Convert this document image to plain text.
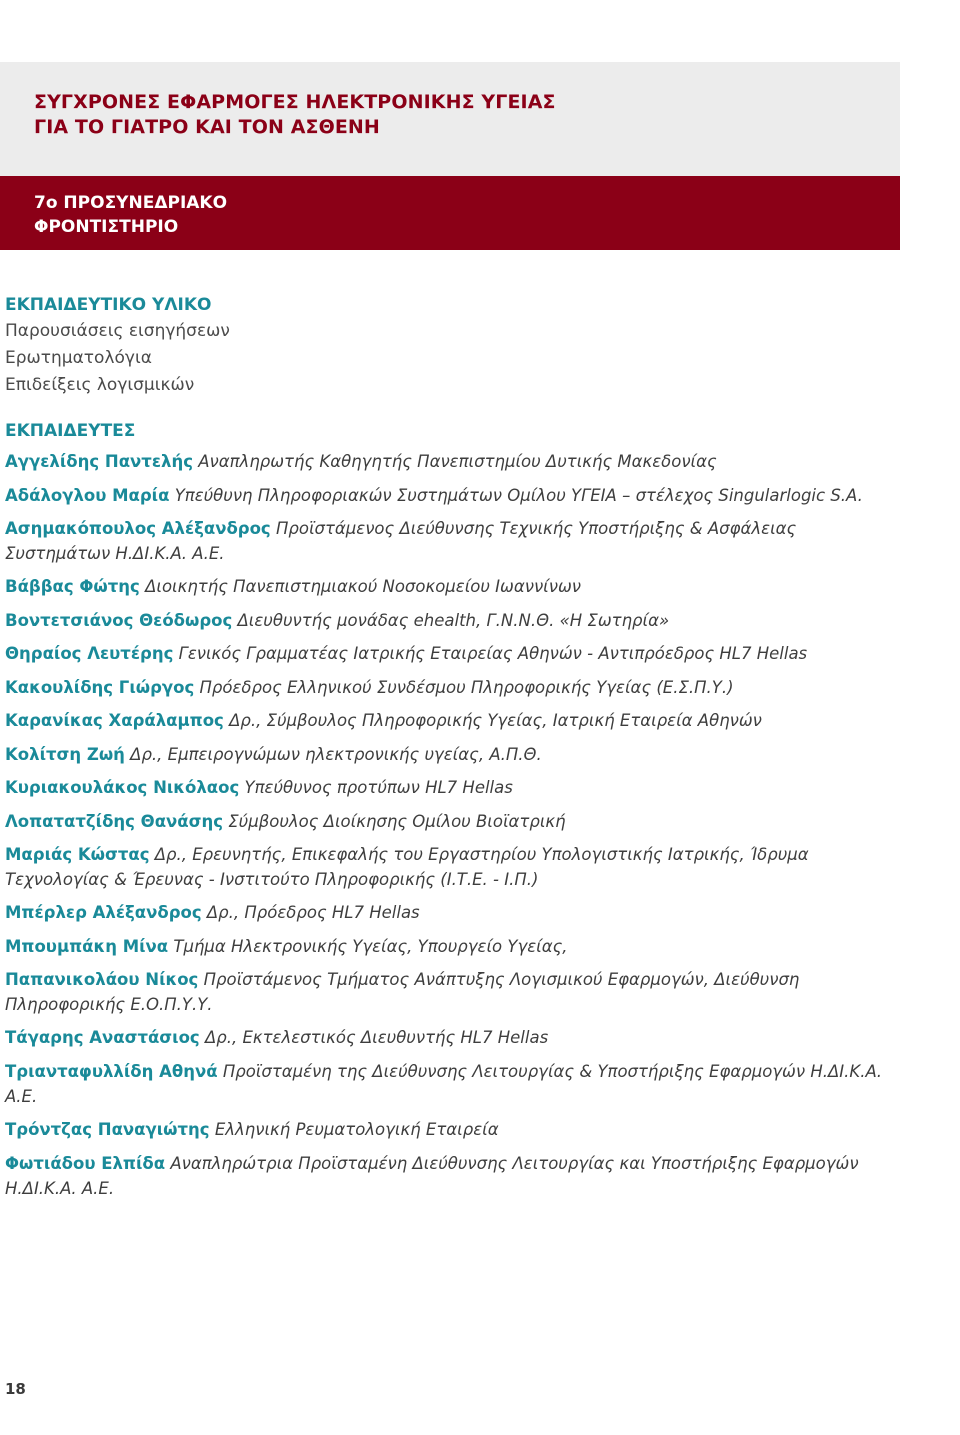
ΣΥΓΧΡΟΝΕΣ ΕΦΑΡΜΟΓΕΣ ΗΛΕΚΤΡΟΝΙΚΗΣ ΥΓΕΙΑΣ
ΓΙΑ ΤΟ ΓΙΑΤΡΟ ΚΑΙ ΤΟΝ ΑΣΘΕΝΗ
7ο ΠΡΟΣΥΝΕΔΡΙΑΚΟ
ΦΡΟΝΤΙΣΤΗΡΙΟ
ΕΚΠΑΙΔΕΥΤΙΚΟ ΥΛΙΚΟ
Παρουσιάσεις εισηγήσεων
Ερωτηματολόγια
Επιδείξεις λογισμικών
ΕΚΠΑΙΔΕΥΤΕΣ
Αγγελίδης Παντελής Αναπληρωτής Καθηγητής Πανεπιστημίου Δυτικής Μακεδονίας
Αδάλογλου Μαρία Υπεύθυνη Πληροφοριακών Συστημάτων Ομίλου ΥΓΕΙΑ – στέλεχος Singularlogic S.A.
Ασημακόπουλος Αλέξανδρος Προϊστάμενος Διεύθυνσης Τεχνικής Υποστήριξης & Ασφάλειας Συστημάτων Η.ΔΙ.Κ.Α. Α.Ε.
Βάββας Φώτης Διοικητής Πανεπιστημιακού Νοσοκομείου Ιωαννίνων
Βοντετσιάνος Θεόδωρος Διευθυντής μονάδας ehealth, Γ.Ν.Ν.Θ. «Η Σωτηρία»
Θηραίος Λευτέρης Γενικός Γραμματέας Ιατρικής Εταιρείας Αθηνών - Αντιπρόεδρος HL7 Hellas
Κακουλίδης Γιώργος Πρόεδρος Ελληνικού Συνδέσμου Πληροφορικής Υγείας (Ε.Σ.Π.Υ.)
Καρανίκας Χαράλαμπος Δρ., Σύμβουλος Πληροφορικής Υγείας, Ιατρική Εταιρεία Αθηνών
Κολίτση Ζωή Δρ., Εμπειρογνώμων ηλεκτρονικής υγείας, Α.Π.Θ.
Κυριακουλάκος Νικόλαος Υπεύθυνος προτύπων HL7 Hellas
Λοπατατζίδης Θανάσης Σύμβουλος Διοίκησης Ομίλου Βιοϊατρική
Μαριάς Κώστας Δρ., Ερευνητής, Επικεφαλής του Εργαστηρίου Υπολογιστικής Ιατρικής, Ίδρυμα Τεχνολογίας & Έρευνας - Ινστιτούτο Πληροφορικής (Ι.Τ.Ε. - Ι.Π.)
Μπέρλερ Αλέξανδρος Δρ., Πρόεδρος HL7 Hellas
Μπουμπάκη Μίνα Τμήμα Ηλεκτρονικής Υγείας, Υπουργείο Υγείας,
Παπανικολάου Νίκος Προϊστάμενος Τμήματος Ανάπτυξης Λογισμικού Εφαρμογών, Διεύθυνση Πληροφορικής Ε.Ο.Π.Υ.Υ.
Τάγαρης Αναστάσιος Δρ., Εκτελεστικός Διευθυντής HL7 Hellas
Τριανταφυλλίδη Αθηνά Προϊσταμένη της Διεύθυνσης Λειτουργίας & Υποστήριξης Εφαρμογών Η.ΔΙ.Κ.Α. Α.Ε.
Τρόντζας Παναγιώτης Ελληνική Ρευματολογική Εταιρεία
Φωτιάδου Ελπίδα Αναπληρώτρια Προϊσταμένη Διεύθυνσης Λειτουργίας και Υποστήριξης Εφαρμογών Η.ΔΙ.Κ.Α. Α.Ε.
18
